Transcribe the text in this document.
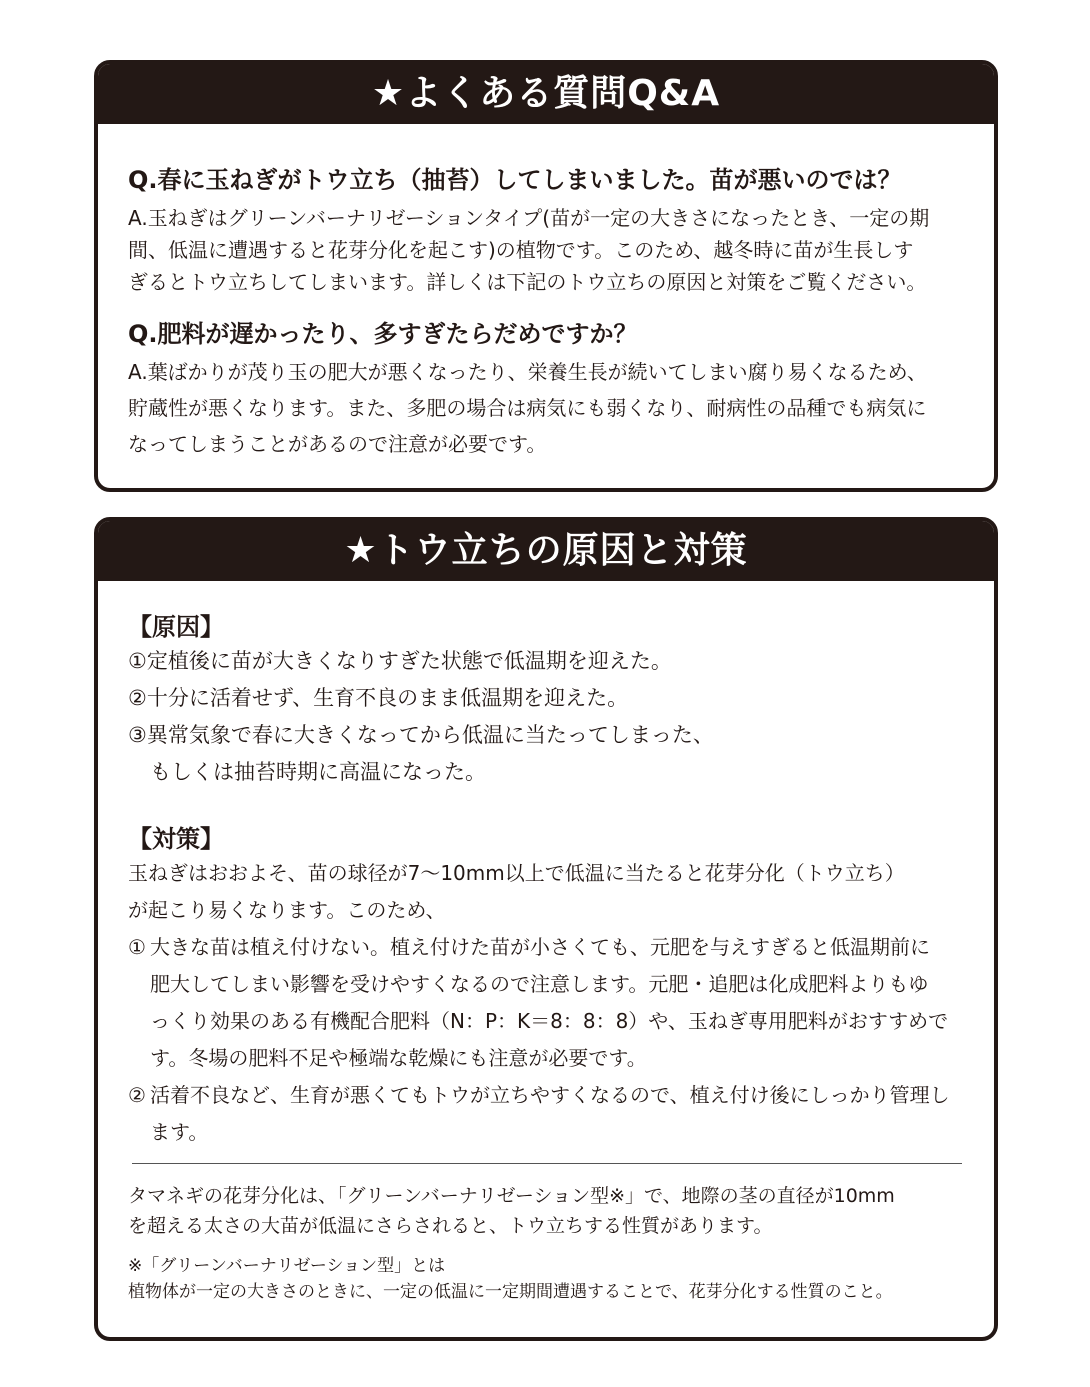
★よくある質問Q&A
Q.春に玉ねぎがトウ立ち（抽苔）してしまいました。苗が悪いのでは？
A.玉ねぎはグリーンバーナリゼーションタイプ(苗が一定の大きさになったとき、一定の期
間、低温に遭遇すると花芽分化を起こす)の植物です。このため、越冬時に苗が生長しす
ぎるとトウ立ちしてしまいます。詳しくは下記のトウ立ちの原因と対策をご覧ください。
Q.肥料が遅かったり、多すぎたらだめですか？
A.葉ばかりが茂り玉の肥大が悪くなったり、栄養生長が続いてしまい腐り易くなるため、
貯蔵性が悪くなります。また、多肥の場合は病気にも弱くなり、耐病性の品種でも病気に
なってしまうことがあるので注意が必要です。
★トウ立ちの原因と対策
【原因】
①定植後に苗が大きくなりすぎた状態で低温期を迎えた。
②十分に活着せず、生育不良のまま低温期を迎えた。
③異常気象で春に大きくなってから低温に当たってしまった、
もしくは抽苔時期に高温になった。
【対策】
玉ねぎはおおよそ、苗の球径が7〜10mm以上で低温に当たると花芽分化（トウ立ち）
が起こり易くなります。このため、
① 大きな苗は植え付けない。植え付けた苗が小さくても、元肥を与えすぎると低温期前に
肥大してしまい影響を受けやすくなるので注意します。元肥・追肥は化成肥料よりもゆ
っくり効果のある有機配合肥料（N：P：K＝8：8：8）や、玉ねぎ専用肥料がおすすめで
す。冬場の肥料不足や極端な乾燥にも注意が必要です。
② 活着不良など、生育が悪くてもトウが立ちやすくなるので、植え付け後にしっかり管理し
ます。
タマネギの花芽分化は、「グリーンバーナリゼーション型※」で、地際の茎の直径が10mm
を超える太さの大苗が低温にさらされると、トウ立ちする性質があります。
※「グリーンバーナリゼーション型」とは
植物体が一定の大きさのときに、一定の低温に一定期間遭遇することで、花芽分化する性質のこと。
